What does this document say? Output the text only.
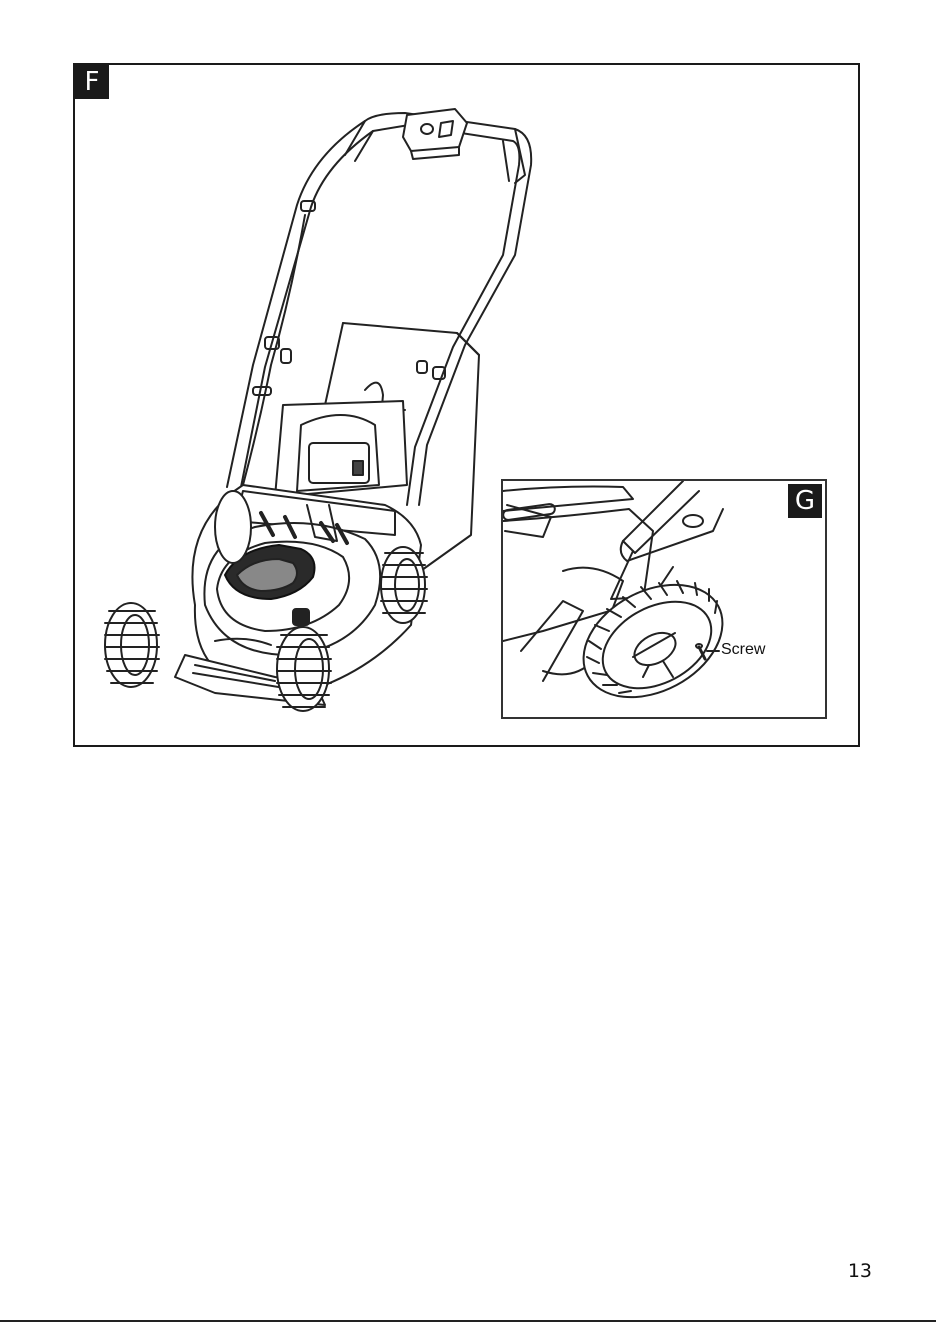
F
G
Screw
13
